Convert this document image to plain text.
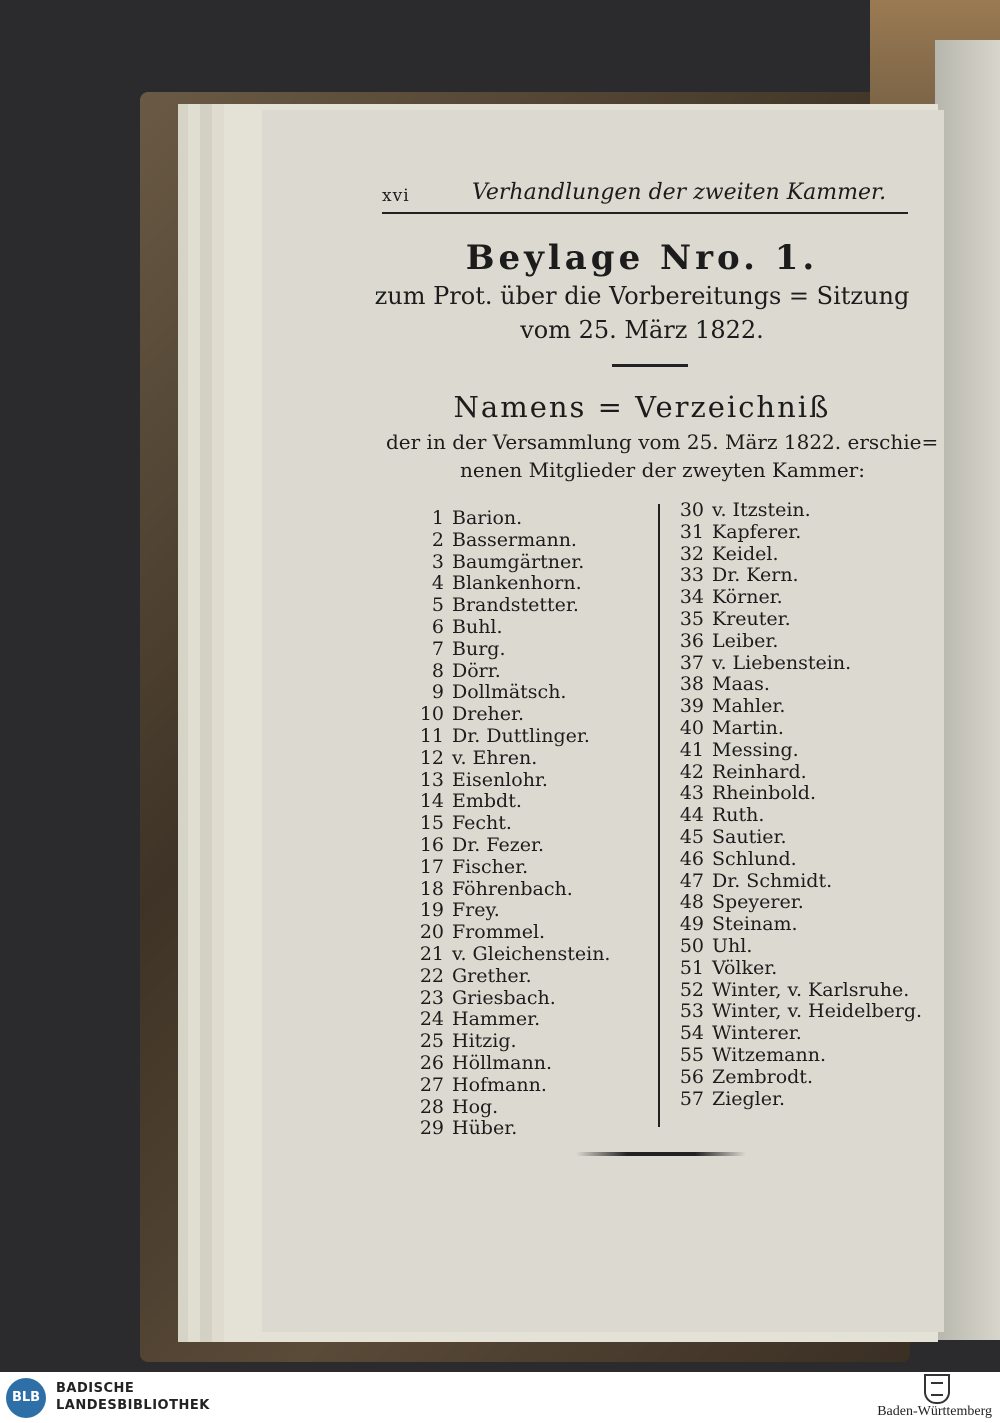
xvi	Verhandlungen der zweiten Kammer.
Beylage Nro. 1.
zum Prot. über die Vorbereitungs = Sitzung
vom 25. März 1822.
Namens = Verzeichniß
der in der Versammlung vom 25. März 1822. erschie=
nenen Mitglieder der zweyten Kammer:
1 Barion.
2 Bassermann.
3 Baumgärtner.
4 Blankenhorn.
5 Brandstetter.
6 Buhl.
7 Burg.
8 Dörr.
9 Dollmätsch.
10 Dreher.
11 Dr. Duttlinger.
12 v. Ehren.
13 Eisenlohr.
14 Embdt.
15 Fecht.
16 Dr. Fezer.
17 Fischer.
18 Föhrenbach.
19 Frey.
20 Frommel.
21 v. Gleichenstein.
22 Grether.
23 Griesbach.
24 Hammer.
25 Hitzig.
26 Höllmann.
27 Hofmann.
28 Hog.
29 Hüber.
30 v. Itzstein.
31 Kapferer.
32 Keidel.
33 Dr. Kern.
34 Körner.
35 Kreuter.
36 Leiber.
37 v. Liebenstein.
38 Maas.
39 Mahler.
40 Martin.
41 Messing.
42 Reinhard.
43 Rheinbold.
44 Ruth.
45 Sautier.
46 Schlund.
47 Dr. Schmidt.
48 Speyerer.
49 Steinam.
50 Uhl.
51 Völker.
52 Winter, v. Karlsruhe.
53 Winter, v. Heidelberg.
54 Winterer.
55 Witzemann.
56 Zembrodt.
57 Ziegler.
BLB
BADISCHE
LANDESBIBLIOTHEK	Baden-Württemberg
